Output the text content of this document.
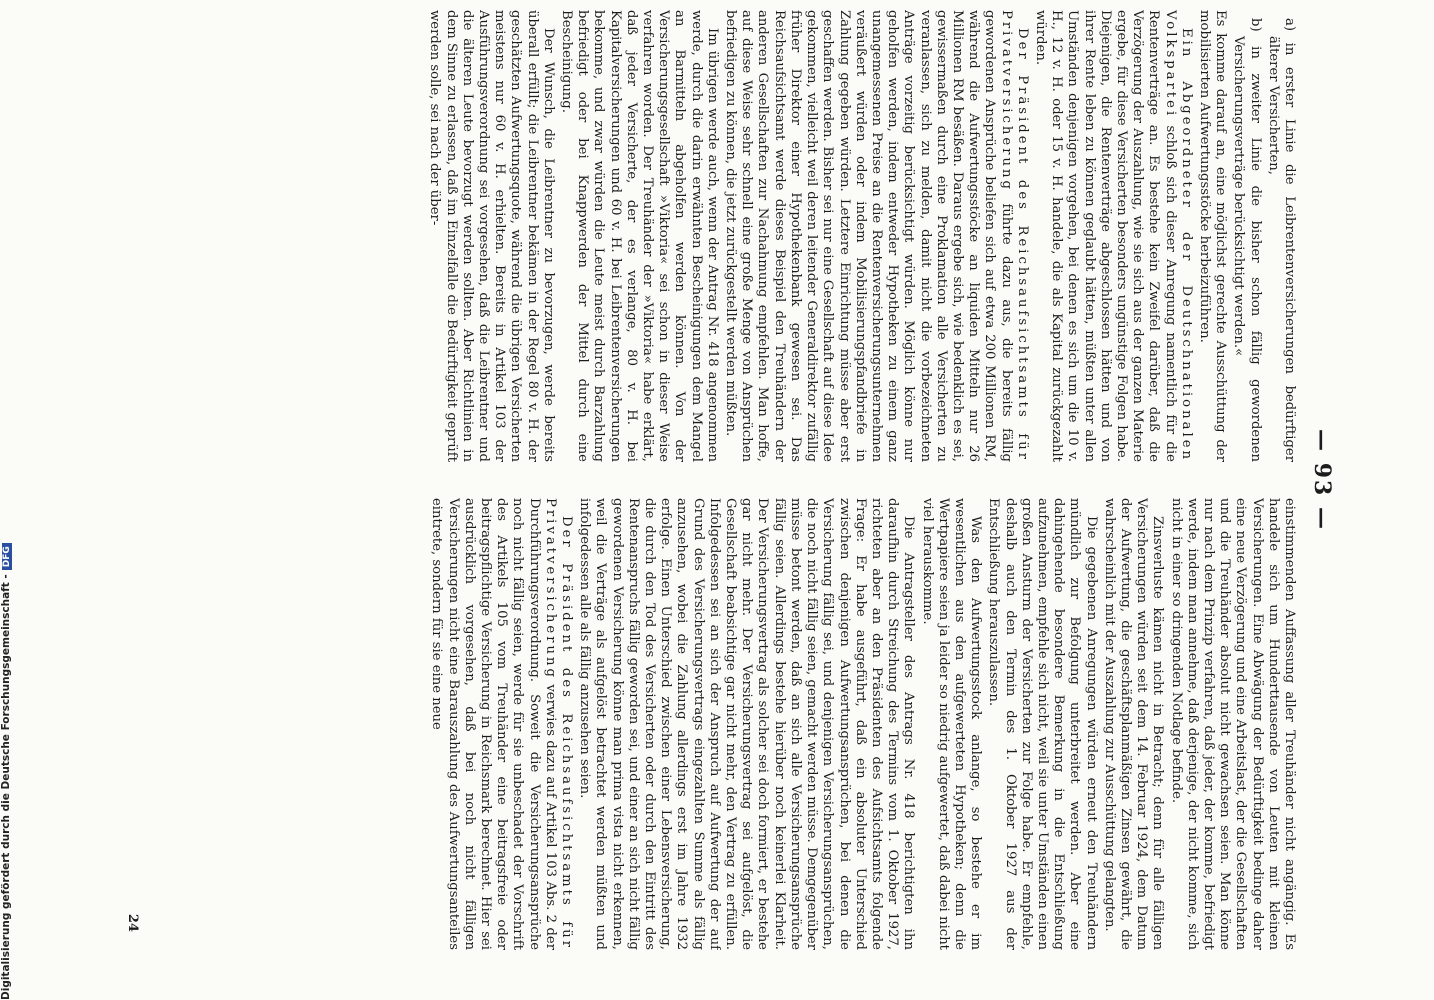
— 93 —

a) in erster Linie die Leibrentenversicherungen bedürftiger älterer Versicherten,

b) in zweiter Linie die bisher schon fällig gewordenen Versicherungsverträge berücksichtigt werden.«

Es komme darauf an, eine möglichst gerechte Ausschüttung der mobilisierten Aufwertungsstöcke herbeizuführen.

Ein Abgeordneter der Deutschnationalen Volkspartei schloß sich dieser Anregung namentlich für die Rentenverträge an. Es bestehe kein Zweifel darüber, daß die Verzögerung der Auszahlung, wie sie sich aus der ganzen Materie ergebe, für diese Versicherten besonders ungünstige Folgen habe. Diejenigen, die Rentenverträge abgeschlossen hätten und von ihrer Rente leben zu können geglaubt hätten, müßten unter allen Umständen denjenigen vorgehen, bei denen es sich um die 10 v. H., 12 v. H. oder 15 v. H. handele, die als Kapital zurückgezahlt würden.

Der Präsident des Reichsaufsichtsamts für Privatversicherung führte dazu aus, die bereits fällig gewordenen Ansprüche beliefen sich auf etwa 200 Millionen RM, während die Aufwertungsstöcke an liquiden Mitteln nur 26 Millionen RM besäßen. Daraus ergebe sich, wie bedenklich es sei, gewissermaßen durch eine Proklamation alle Versicherten zu veranlassen, sich zu melden, damit nicht die vorbezeichneten Anträge vorzeitig berücksichtigt würden. Möglich könne nur geholfen werden, indem entweder Hypotheken zu einem ganz unangemessenen Preise an die Rentenversicherungsunternehmen veräußert würden oder indem Mobilisierungspfandbriefe in Zahlung gegeben würden. Letztere Einrichtung müsse aber erst geschaffen werden. Bisher sei nur eine Gesellschaft auf diese Idee gekommen, vielleicht weil deren leitender Generaldirektor zufällig früher Direktor einer Hypothekenbank gewesen sei. Das Reichsaufsichtsamt werde dieses Beispiel den Treuhändern der anderen Gesellschaften zur Nachahmung empfehlen. Man hoffe, auf diese Weise sehr schnell eine große Menge von Ansprüchen befriedigen zu können, die jetzt zurückgestellt werden müßten.

Im übrigen werde auch, wenn der Antrag Nr. 418 angenommen werde, durch die darin erwähnten Bescheinigungen dem Mangel an Barmitteln abgeholfen werden können. Von der Versicherungsgesellschaft »Viktoria« sei schon in dieser Weise verfahren worden. Der Treuhänder der »Viktoria« habe erklärt, daß jeder Versicherte, der es verlange, 80 v. H. bei Kapitalversicherungen und 60 v. H. bei Leibrentenversicherungen bekomme, und zwar würden die Leute meist durch Barzahlung befriedigt oder bei Knappwerden der Mittel durch eine Bescheinigung.

Der Wunsch, die Leibrentner zu bevorzugen, werde bereits überall erfüllt; die Leibrentner bekämen in der Regel 80 v. H. der geschätzten Aufwertungsquote, während die übrigen Versicherten meistens nur 60 v. H. erhielten. Bereits in Artikel 103 der Ausführungsverordnung sei vorgesehen, daß die Leibrentner und die älteren Leute bevorzugt werden sollten. Aber Richtlinien in dem Sinne zu erlassen, daß im Einzelfalle die Bedürftigkeit geprüft werden solle, sei nach der über-

einstimmenden Auffassung aller Treuhänder nicht angängig. Es handele sich um Hunderttausende von Leuten mit kleinen Versicherungen. Eine Abwägung der Bedürftigkeit bedinge daher eine neue Verzögerung und eine Arbeitslast, der die Gesellschaften und die Treuhänder absolut nicht gewachsen seien. Man könne nur nach dem Prinzip verfahren, daß jeder, der komme, befriedigt werde, indem man annehme, daß derjenige, der nicht komme, sich nicht in einer so dringenden Notlage befinde.

Zinsverluste kämen nicht in Betracht; denn für alle fälligen Versicherungen würden seit dem 14. Februar 1924, dem Datum der Aufwertung, die geschäftsplanmäßigen Zinsen gewährt, die wahrscheinlich mit der Auszahlung zur Ausschüttung gelangten.

Die gegebenen Anregungen würden erneut den Treuhändern mündlich zur Befolgung unterbreitet werden. Aber eine dahingehende besondere Bemerkung in die Entschließung aufzunehmen, empfehle sich nicht, weil sie unter Umständen einen großen Ansturm der Versicherten zur Folge habe. Er empfehle, deshalb auch den Termin des 1. Oktober 1927 aus der Entschließung herauszulassen.

Was den Aufwertungsstock anlange, so bestehe er im wesentlichen aus den aufgewerteten Hypotheken; denn die Wertpapiere seien ja leider so niedrig aufgewertet, daß dabei nicht viel herauskomme.

Die Antragsteller des Antrags Nr. 418 berichtigten ihn daraufhin durch Streichung des Termins vom 1. Oktober 1927, richteten aber an den Präsidenten des Aufsichtsamts folgende Frage: Er habe ausgeführt, daß ein absoluter Unterschied zwischen denjenigen Aufwertungsansprüchen, bei denen die Versicherung fällig sei, und denjenigen Versicherungsansprüchen, die noch nicht fällig seien, gemacht werden müsse. Demgegenüber müsse betont werden, daß an sich alle Versicherungsansprüche fällig seien. Allerdings bestehe hierüber noch keinerlei Klarheit. Der Versicherungsvertrag als solcher sei doch formiert, er bestehe gar nicht mehr. Der Versicherungsvertrag sei aufgelöst, die Gesellschaft beabsichtige gar nicht mehr, den Vertrag zu erfüllen. Infolgedessen sei an sich der Anspruch auf Aufwertung der auf Grund des Versicherungsvertrags eingezahlten Summe als fällig anzusehen, wobei die Zahlung allerdings erst im Jahre 1932 erfolge. Einen Unterschied zwischen einer Lebensversicherung, die durch den Tod des Versicherten oder durch den Eintritt des Rentenanspruchs fällig geworden sei, und einer an sich nicht fällig gewordenen Versicherung könne man prima vista nicht erkennen, weil die Verträge als aufgelöst betrachtet werden müßten und infolgedessen alle als fällig anzusehen seien.

Der Präsident des Reichsaufsichtsamts für Privatversicherung verwies dazu auf Artikel 103 Abs. 2 der Durchführungsverordnung. Soweit die Versicherungsansprüche noch nicht fällig seien, werde für sie unbeschadet der Vorschrift des Artikels 105 vom Treuhänder eine beitragsfreie oder beitragspflichtige Versicherung in Reichsmark berechnet. Hier sei ausdrücklich vorgesehen, daß bei noch nicht fälligen Versicherungen nicht eine Barauszahlung des Aufwertungsanteiles eintrete, sondern für sie eine neue

24
Digitalisierung gefördert durch die Deutsche Forschungsgemeinschaft -DFG
